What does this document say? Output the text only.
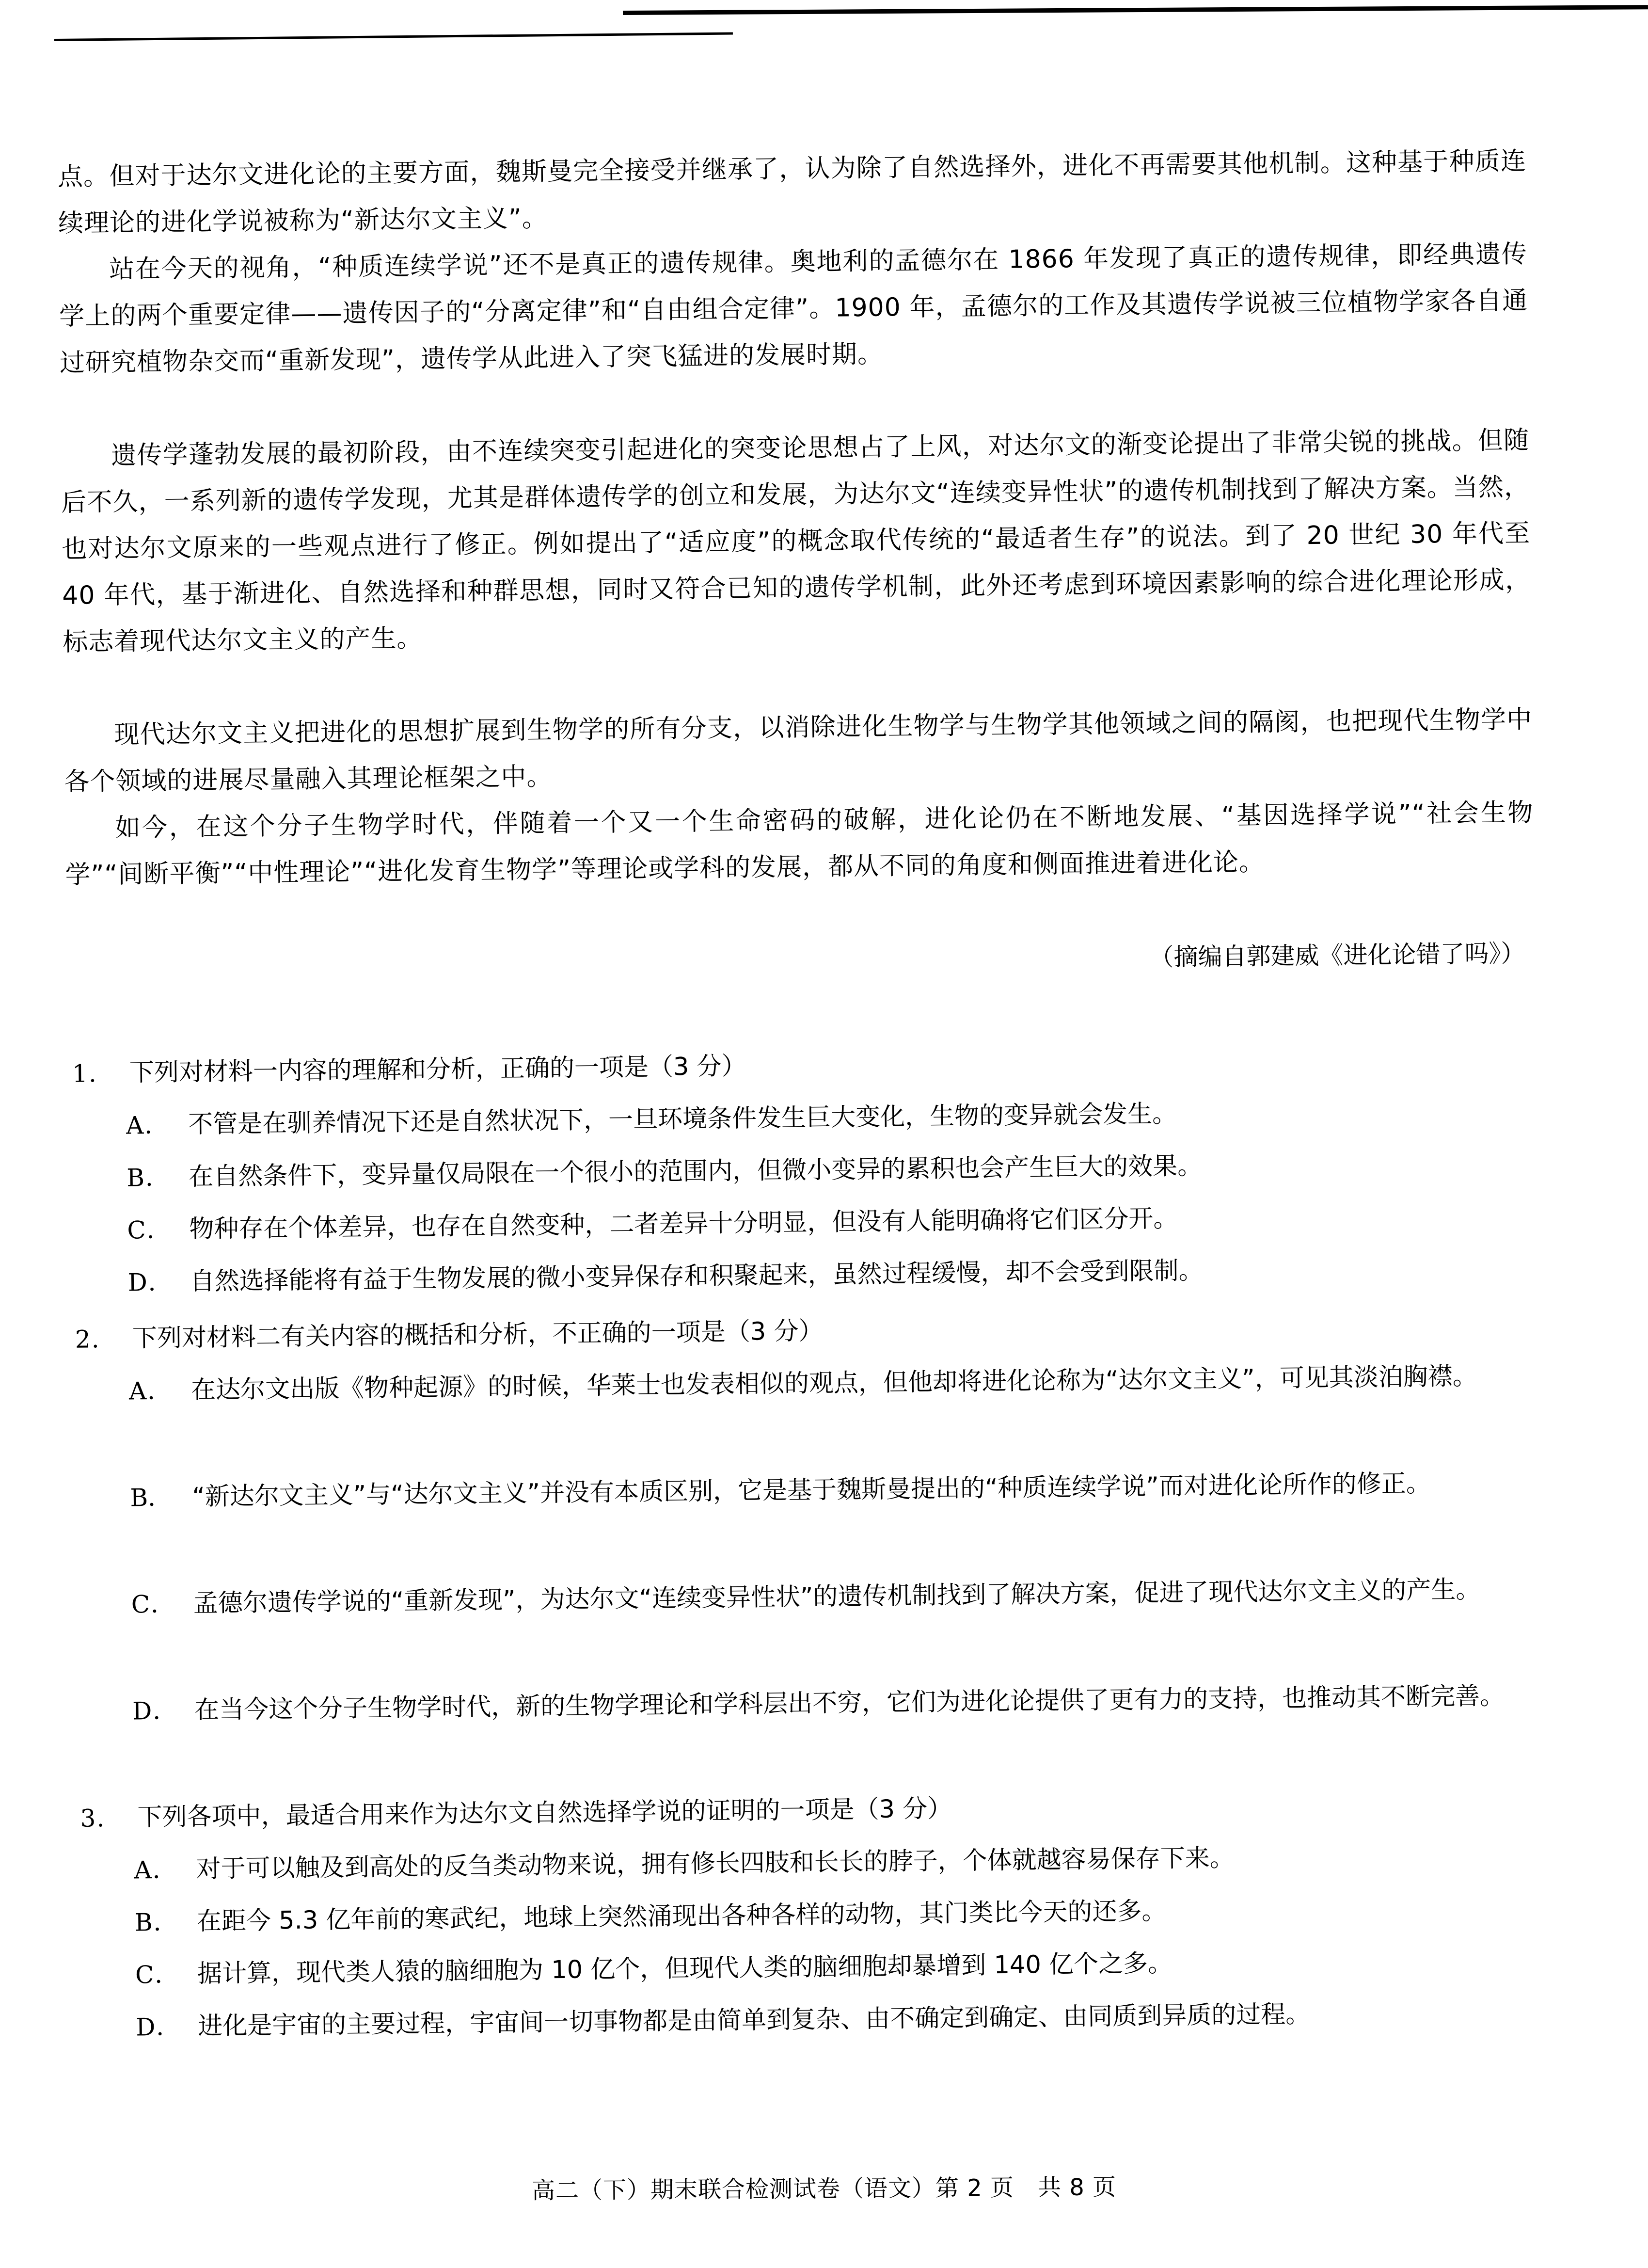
点。但对于达尔文进化论的主要方面，魏斯曼完全接受并继承了，认为除了自然选择外，进化不再需要其他机制。这种基于种质连续理论的进化学说被称为“新达尔文主义”。
站在今天的视角，“种质连续学说”还不是真正的遗传规律。奥地利的孟德尔在 1866 年发现了真正的遗传规律，即经典遗传学上的两个重要定律——遗传因子的“分离定律”和“自由组合定律”。1900 年，孟德尔的工作及其遗传学说被三位植物学家各自通过研究植物杂交而“重新发现”，遗传学从此进入了突飞猛进的发展时期。
遗传学蓬勃发展的最初阶段，由不连续突变引起进化的突变论思想占了上风，对达尔文的渐变论提出了非常尖锐的挑战。但随后不久，一系列新的遗传学发现，尤其是群体遗传学的创立和发展，为达尔文“连续变异性状”的遗传机制找到了解决方案。当然，也对达尔文原来的一些观点进行了修正。例如提出了“适应度”的概念取代传统的“最适者生存”的说法。到了 20 世纪 30 年代至 40 年代，基于渐进化、自然选择和种群思想，同时又符合已知的遗传学机制，此外还考虑到环境因素影响的综合进化理论形成，标志着现代达尔文主义的产生。
现代达尔文主义把进化的思想扩展到生物学的所有分支，以消除进化生物学与生物学其他领域之间的隔阂，也把现代生物学中各个领域的进展尽量融入其理论框架之中。
如今，在这个分子生物学时代，伴随着一个又一个生命密码的破解，进化论仍在不断地发展、“基因选择学说”“社会生物学”“间断平衡”“中性理论”“进化发育生物学”等理论或学科的发展，都从不同的角度和侧面推进着进化论。
（摘编自郭建威《进化论错了吗》）
1.	下列对材料一内容的理解和分析，正确的一项是（3 分）
A． 不管是在驯养情况下还是自然状况下，一旦环境条件发生巨大变化，生物的变异就会发生。
B． 在自然条件下，变异量仅局限在一个很小的范围内，但微小变异的累积也会产生巨大的效果。
C． 物种存在个体差异，也存在自然变种，二者差异十分明显，但没有人能明确将它们区分开。
D． 自然选择能将有益于生物发展的微小变异保存和积聚起来，虽然过程缓慢，却不会受到限制。
2.	下列对材料二有关内容的概括和分析，不正确的一项是（3 分）
A． 在达尔文出版《物种起源》的时候，华莱士也发表相似的观点，但他却将进化论称为“达尔文主义”，可见其淡泊胸襟。
B． “新达尔文主义”与“达尔文主义”并没有本质区别，它是基于魏斯曼提出的“种质连续学说”而对进化论所作的修正。
C． 孟德尔遗传学说的“重新发现”，为达尔文“连续变异性状”的遗传机制找到了解决方案，促进了现代达尔文主义的产生。
D． 在当今这个分子生物学时代，新的生物学理论和学科层出不穷，它们为进化论提供了更有力的支持，也推动其不断完善。
3.	下列各项中，最适合用来作为达尔文自然选择学说的证明的一项是（3 分）
A． 对于可以触及到高处的反刍类动物来说，拥有修长四肢和长长的脖子，个体就越容易保存下来。
B． 在距今 5.3 亿年前的寒武纪，地球上突然涌现出各种各样的动物，其门类比今天的还多。
C． 据计算，现代类人猿的脑细胞为 10 亿个，但现代人类的脑细胞却暴增到 140 亿个之多。
D． 进化是宇宙的主要过程，宇宙间一切事物都是由简单到复杂、由不确定到确定、由同质到异质的过程。
高二（下）期末联合检测试卷（语文）第 2 页　共 8 页
